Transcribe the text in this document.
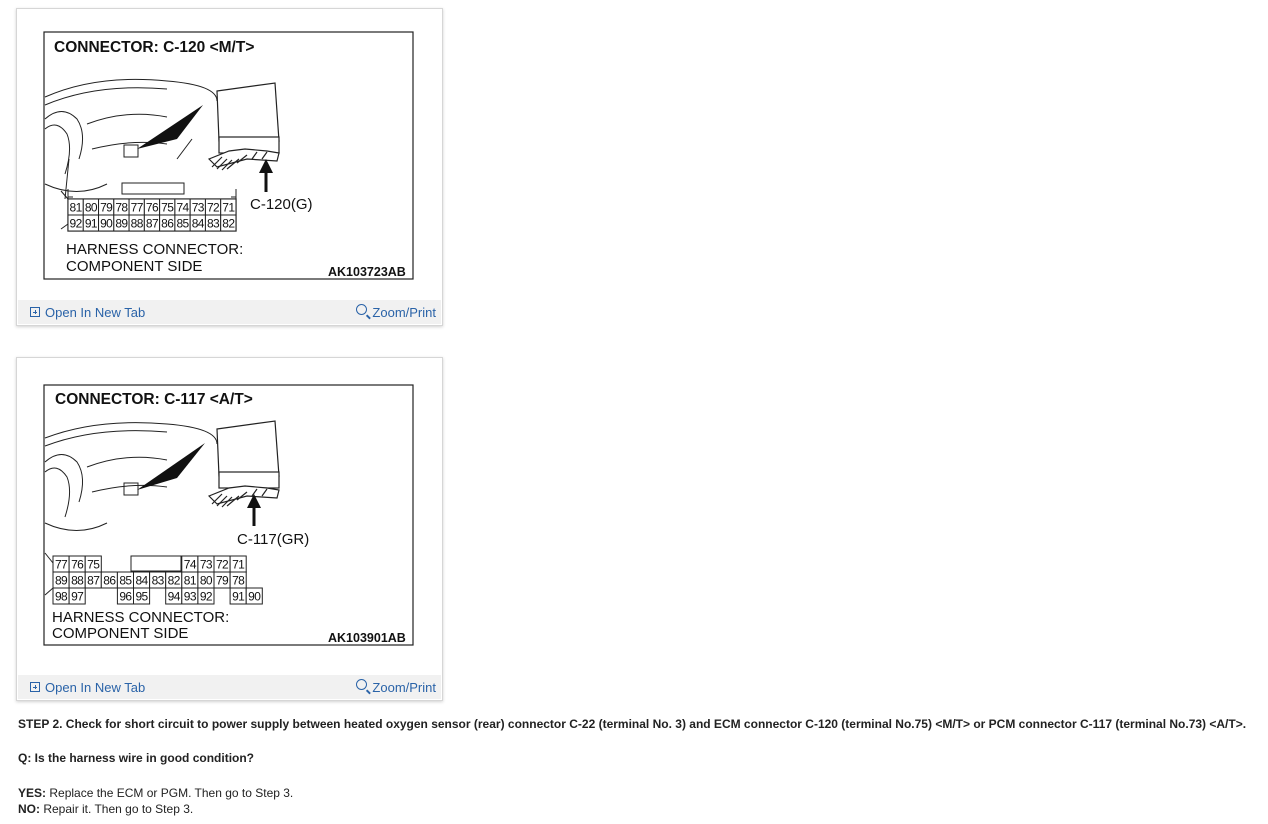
CONNECTOR: C-120 <M/T>
C-120(G)
81 80 79 78 77 76 75 74 73 72 71
92 91 90 89 88 87 86 85 84 83 82
HARNESS CONNECTOR:
COMPONENT SIDE	AK103723AB
Open In New Tab	Zoom/Print
CONNECTOR: C-117 <A/T>
C-117(GR)
77 76 75	74 73 72 71
89 88 87 86 85 84 83 82 81 80 79 78
98 97	96 95 94 93 92 91 90
HARNESS CONNECTOR:
COMPONENT SIDE	AK103901AB
Open In New Tab	Zoom/Print
STEP 2. Check for short circuit to power supply between heated oxygen sensor (rear) connector C-22 (terminal No. 3) and ECM connector C-120 (terminal No.75) <M/T> or PCM connector C-117 (terminal No.73) <A/T>.
Q: Is the harness wire in good condition?
YES: Replace the ECM or PGM. Then go to Step 3.
NO: Repair it. Then go to Step 3.
